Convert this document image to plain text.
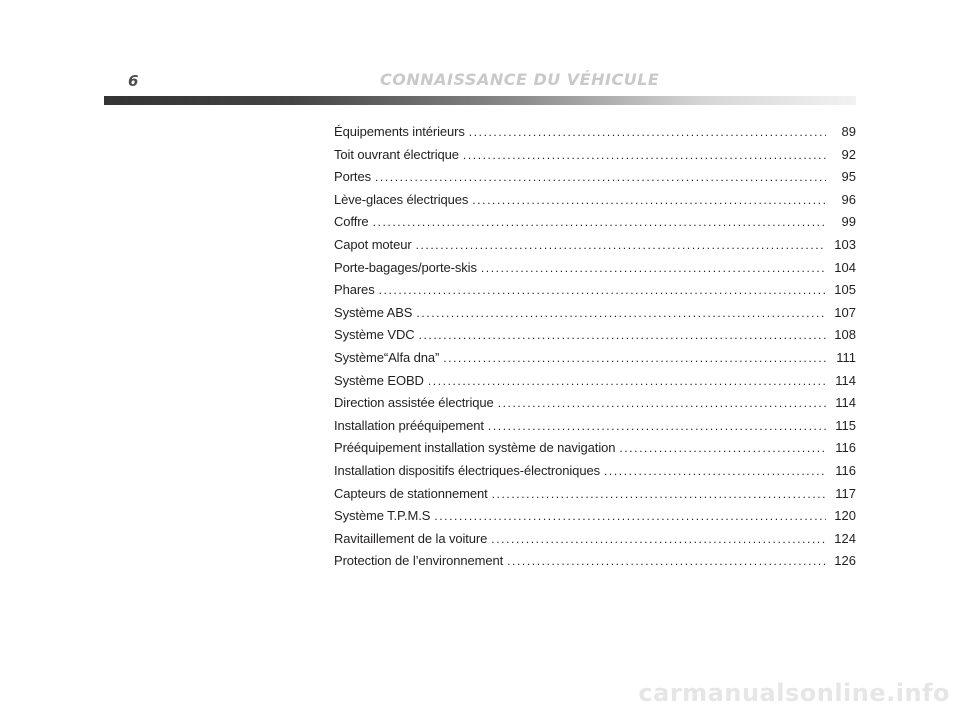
6	CONNAISSANCE DU VÉHICULE
Équipements intérieurs .....	89
Toit ouvrant électrique .....	92
Portes .....	95
Lève-glaces électriques .....	96
Coffre .....	99
Capot moteur .....	103
Porte-bagages/porte-skis .....	104
Phares .....	105
Système ABS .....	107
Système VDC .....	108
Système“Alfa dna” .....	111
Système EOBD .....	114
Direction assistée électrique .....	114
Installation prééquipement .....	115
Prééquipement installation système de navigation .....	116
Installation dispositifs électriques-électroniques .....	116
Capteurs de stationnement .....	117
Système T.P.M.S .....	120
Ravitaillement de la voiture .....	124
Protection de l’environnement .....	126
carmanualsonline.info
